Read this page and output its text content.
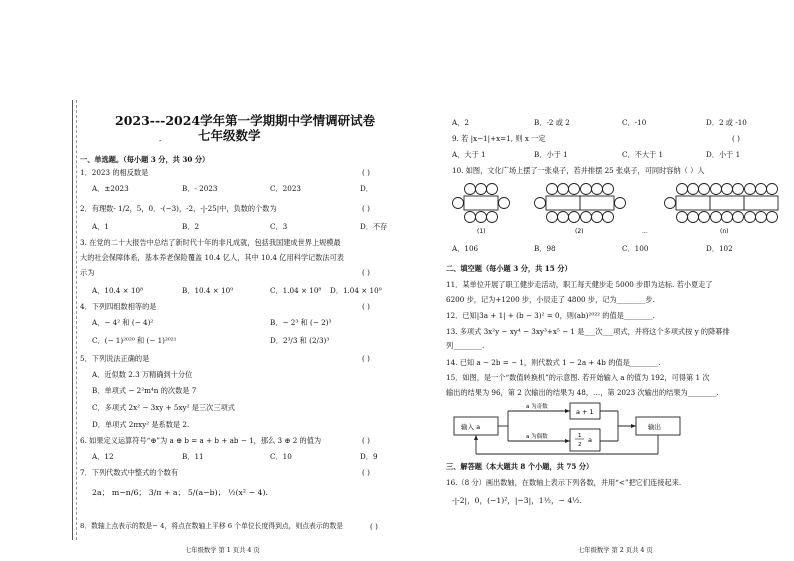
2023---2024学年第一学期期中学情调研试卷
七年级数学
-
一、单选题。（每小题 3 分，共 30 分）
1．2023 的相反数是	( )
A．±2023	B．- 2023	C．2023	D．
2．有理数- 1/2，5，0．-(−3)，-2，-|-25|中，负数的个数为	( )
A．1	B．2	C．3	D．不存
3. 在党的二十大报告中总结了新时代十年的非凡成就，包括我国建成世界上规模最
大的社会保障体系，基本养老保险覆盖 10.4 亿人，其中 10.4 亿用科学记数法可表
示为	( )
A．10.4 × 10⁸	B．10.4 × 10⁹	C．1.04 × 10⁸ D．1.04 × 10⁹
4．下列四组数相等的是	( )
A．− 4² 和 (− 4)²	B．− 2³ 和 (− 2)³
C．(− 1)²⁰²⁰ 和 (− 1)²⁰²¹	D．2³/3 和 (2/3)³
5．下列说法正确的是	( )
A．近似数 2.3 万精确到十分位
B．单项式 − 2²m⁴n 的次数是 7
C．多项式 2x² − 3xy + 5xy² 是三次三项式
D．单项式 2πxy² 是系数是 2.
6. 如果定义运算符号“⊕”为 a ⊕ b = a + b + ab − 1，那么 3 ⊕ 2 的值为	( )
A．12	B．11	C．10	D．9
7．下列代数式中整式的个数有	( )
2a； m−n/6； 3/π + a； 5/(a−b)； ½(x² − 4).
8．数轴上点表示的数是− 4，将点在数轴上平移 6 个单位长度得到点，则点表示的数是	( )
七年级数学 第 1 页共 4 页
A．2	B．-2 或 2	C．-10	D．2 或 -10
9. 若 |x−1|+x=1, 则 x 一定	( )
A．大于 1	B．小于 1	C．不大于 1	D．小于 1
10. 如图，文化广场上摆了一张桌子，若并排摆 25 张桌子，可同时容纳（ ）人
(1)	(2)	...	(n)
A．106	B．98	C．100	D．102
二、填空题（每小题 3 分，共 15 分）
11．某单位开展了职工健步走活动，职工每天健步走 5000 步即为达标. 若小夏走了
6200 步，记为+1200 步，小辰走了 4800 步，记为________步.
12．已知|3a + 1| + (b − 3)² = 0，则(ab)²⁰²² 的值是________.
13. 多项式 3x²y − xy⁴ − 3xy³+x⁵ − 1 是___次___项式，并将这个多项式按 y 的降幂排
列________.
14. 已知 a − 2b = − 1，则代数式 1 − 2a + 4b 的值是________.
15．如图，是一个“数值转换机”的示意图. 若开始输入 a 的值为 192，可得第 1 次
输出的结果为 96，第 2 次输出的结果为 48，…，第 2023 次输出的结果为________.
输入 a
a 为奇数
a 为偶数
a + 1
1
2
a
输出
三、解答题（本大题共 8 个小题，共 75 分）
16.（8 分）画出数轴，在数轴上表示下列各数，并用“<”把它们连接起来.
-|-2|，0，(−1)²，|−3|，1½，− 4½.
七年级数学 第 2 页共 4 页
